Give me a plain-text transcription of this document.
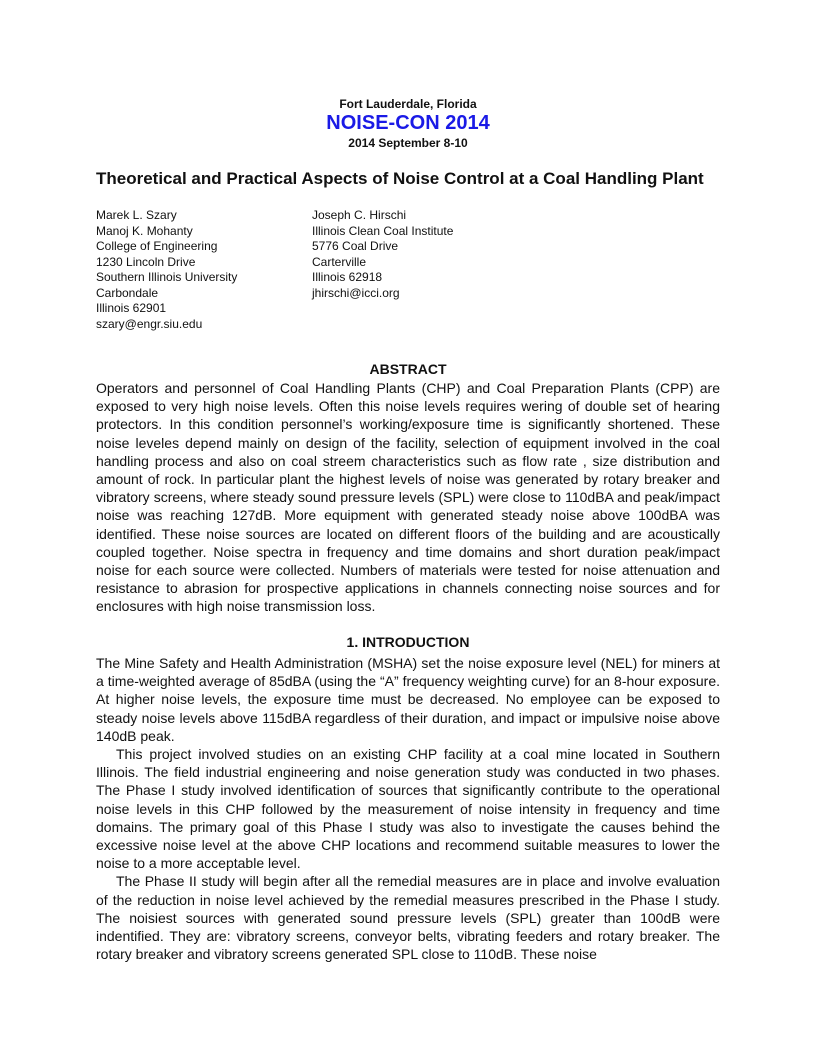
Fort Lauderdale, Florida
NOISE-CON 2014
2014 September 8-10
Theoretical and Practical Aspects of Noise Control at a Coal Handling Plant
Marek L. Szary
Manoj K. Mohanty
College of Engineering
1230 Lincoln Drive
Southern Illinois University
Carbondale
Illinois 62901
szary@engr.siu.edu
Joseph C. Hirschi
Illinois Clean Coal Institute
5776 Coal Drive
Carterville
Illinois 62918
jhirschi@icci.org
ABSTRACT

Operators and personnel of Coal Handling Plants (CHP) and Coal Preparation Plants (CPP) are exposed to very high noise levels. Often this noise levels requires wering of double set of hearing protectors. In this condition personnel’s working/exposure time is significantly shortened. These noise leveles depend mainly on design of the facility, selection of equipment involved in the coal handling process and also on coal streem characteristics such as flow rate , size distribution and amount of rock. In particular plant the highest levels of noise was generated by rotary breaker and vibratory screens, where steady sound pressure levels (SPL) were close to 110dBA and peak/impact noise was reaching 127dB. More equipment with generated steady noise above 100dBA was identified. These noise sources are located on different floors of the building and are acoustically coupled together. Noise spectra in frequency and time domains and short duration peak/impact noise for each source were collected. Numbers of materials were tested for noise attenuation and resistance to abrasion for prospective applications in channels connecting noise sources and for enclosures with high noise transmission loss.

1. INTRODUCTION

The Mine Safety and Health Administration (MSHA) set the noise exposure level (NEL) for miners at a time-weighted average of 85dBA (using the “A” frequency weighting curve) for an 8-hour exposure. At higher noise levels, the exposure time must be decreased. No employee can be exposed to steady noise levels above 115dBA regardless of their duration, and impact or impulsive noise above 140dB peak.

This project involved studies on an existing CHP facility at a coal mine located in Southern Illinois. The field industrial engineering and noise generation study was conducted in two phases. The Phase I study involved identification of sources that significantly contribute to the operational noise levels in this CHP followed by the measurement of noise intensity in frequency and time domains. The primary goal of this Phase I study was also to investigate the causes behind the excessive noise level at the above CHP locations and recommend suitable measures to lower the noise to a more acceptable level.

The Phase II study will begin after all the remedial measures are in place and involve evaluation of the reduction in noise level achieved by the remedial measures prescribed in the Phase I study. The noisiest sources with generated sound pressure levels (SPL) greater than 100dB were indentified. They are: vibratory screens, conveyor belts, vibrating feeders and rotary breaker. The rotary breaker and vibratory screens generated SPL close to 110dB. These noise
